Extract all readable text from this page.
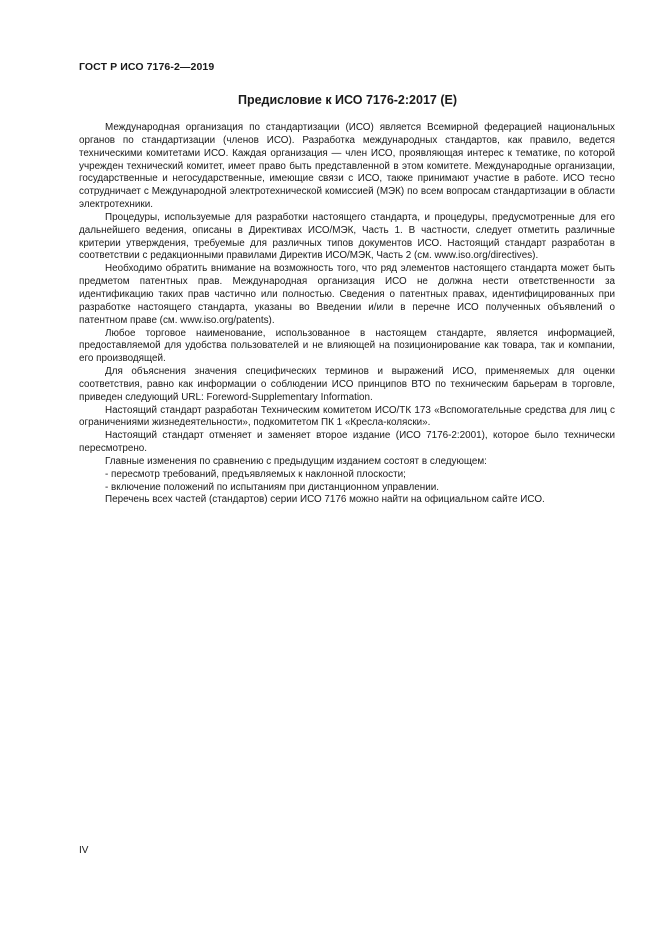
ГОСТ Р ИСО 7176-2—2019
Предисловие к ИСО 7176-2:2017 (E)

Международная организация по стандартизации (ИСО) является Всемирной федерацией национальных органов по стандартизации (членов ИСО). Разработка международных стандартов, как правило, ведется техническими комитетами ИСО. Каждая организация — член ИСО, проявляющая интерес к тематике, по которой учрежден технический комитет, имеет право быть представленной в этом комитете. Международные организации, государственные и негосударственные, имеющие связи с ИСО, также принимают участие в работе. ИСО тесно сотрудничает с Международной электротехнической комиссией (МЭК) по всем вопросам стандартизации в области электротехники.

Процедуры, используемые для разработки настоящего стандарта, и процедуры, предусмотренные для его дальнейшего ведения, описаны в Директивах ИСО/МЭК, Часть 1. В частности, следует отметить различные критерии утверждения, требуемые для различных типов документов ИСО. Настоящий стандарт разработан в соответствии с редакционными правилами Директив ИСО/МЭК, Часть 2 (см. www.iso.org/directives).

Необходимо обратить внимание на возможность того, что ряд элементов настоящего стандарта может быть предметом патентных прав. Международная организация ИСО не должна нести ответственности за идентификацию таких прав частично или полностью. Сведения о патентных правах, идентифицированных при разработке настоящего стандарта, указаны во Введении и/или в перечне ИСО полученных объявлений о патентном праве (см. www.iso.org/patents).

Любое торговое наименование, использованное в настоящем стандарте, является информацией, предоставляемой для удобства пользователей и не влияющей на позиционирование как товара, так и компании, его производящей.

Для объяснения значения специфических терминов и выражений ИСО, применяемых для оценки соответствия, равно как информации о соблюдении ИСО принципов ВТО по техническим барьерам в торговле, приведен следующий URL: Foreword-Supplementary Information.

Настоящий стандарт разработан Техническим комитетом ИСО/ТК 173 «Вспомогательные средства для лиц с ограничениями жизнедеятельности», подкомитетом ПК 1 «Кресла-коляски».

Настоящий стандарт отменяет и заменяет второе издание (ИСО 7176-2:2001), которое было технически пересмотрено.

Главные изменения по сравнению с предыдущим изданием состоят в следующем:

- пересмотр требований, предъявляемых к наклонной плоскости;
- включение положений по испытаниям при дистанционном управлении.

Перечень всех частей (стандартов) серии ИСО 7176 можно найти на официальном сайте ИСО.

IV
